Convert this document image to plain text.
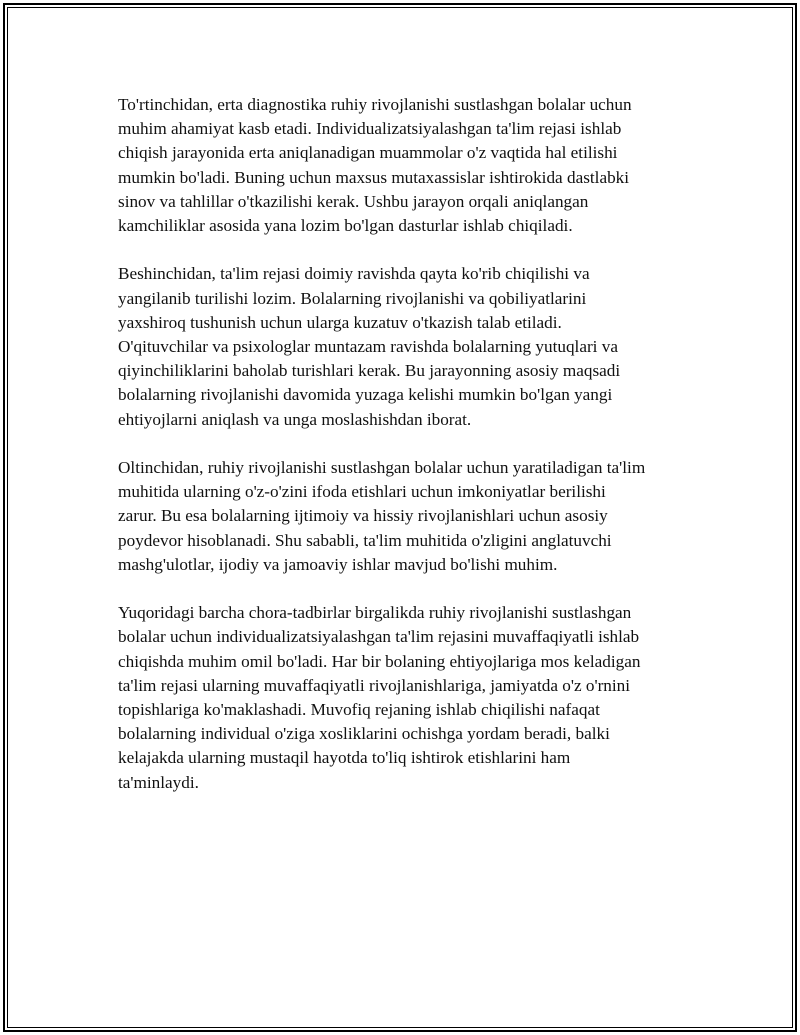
To'rtinchidan, erta diagnostika ruhiy rivojlanishi sustlashgan bolalar uchun
muhim ahamiyat kasb etadi. Individualizatsiyalashgan ta'lim rejasi ishlab
chiqish jarayonida erta aniqlanadigan muammolar o'z vaqtida hal etilishi
mumkin bo'ladi. Buning uchun maxsus mutaxassislar ishtirokida dastlabki
sinov va tahlillar o'tkazilishi kerak. Ushbu jarayon orqali aniqlangan
kamchiliklar asosida yana lozim bo'lgan dasturlar ishlab chiqiladi.

Beshinchidan, ta'lim rejasi doimiy ravishda qayta ko'rib chiqilishi va
yangilanib turilishi lozim. Bolalarning rivojlanishi va qobiliyatlarini
yaxshiroq tushunish uchun ularga kuzatuv o'tkazish talab etiladi.
O'qituvchilar va psixologlar muntazam ravishda bolalarning yutuqlari va
qiyinchiliklarini baholab turishlari kerak. Bu jarayonning asosiy maqsadi
bolalarning rivojlanishi davomida yuzaga kelishi mumkin bo'lgan yangi
ehtiyojlarni aniqlash va unga moslashishdan iborat.

Oltinchidan, ruhiy rivojlanishi sustlashgan bolalar uchun yaratiladigan ta'lim
muhitida ularning o'z-o'zini ifoda etishlari uchun imkoniyatlar berilishi
zarur. Bu esa bolalarning ijtimoiy va hissiy rivojlanishlari uchun asosiy
poydevor hisoblanadi. Shu sababli, ta'lim muhitida o'zligini anglatuvchi
mashg'ulotlar, ijodiy va jamoaviy ishlar mavjud bo'lishi muhim.

Yuqoridagi barcha chora-tadbirlar birgalikda ruhiy rivojlanishi sustlashgan
bolalar uchun individualizatsiyalashgan ta'lim rejasini muvaffaqiyatli ishlab
chiqishda muhim omil bo'ladi. Har bir bolaning ehtiyojlariga mos keladigan
ta'lim rejasi ularning muvaffaqiyatli rivojlanishlariga, jamiyatda o'z o'rnini
topishlariga ko'maklashadi. Muvofiq rejaning ishlab chiqilishi nafaqat
bolalarning individual o'ziga xosliklarini ochishga yordam beradi, balki
kelajakda ularning mustaqil hayotda to'liq ishtirok etishlarini ham
ta'minlaydi.
